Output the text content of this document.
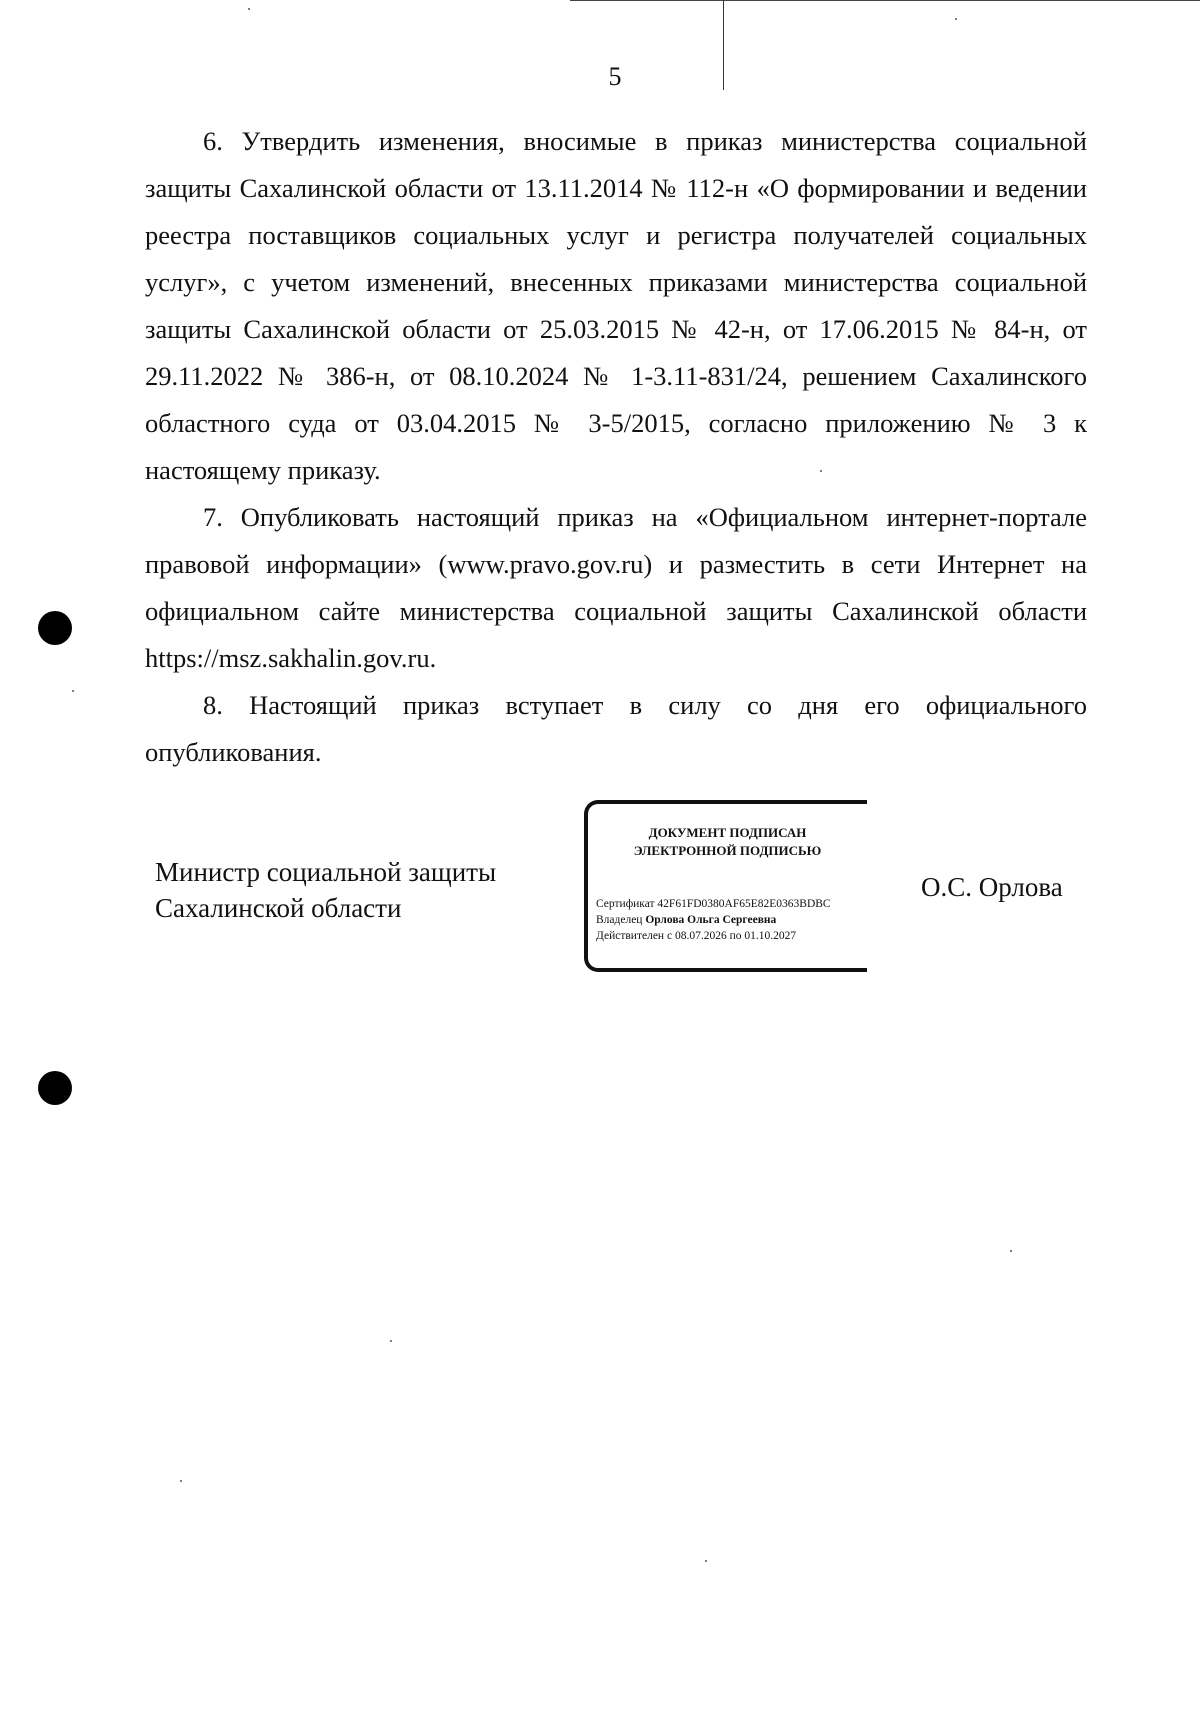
5

6. Утвердить изменения, вносимые в приказ министерства социальной защиты Сахалинской области от 13.11.2014 № 112-н «О формировании и ведении реестра поставщиков социальных услуг и регистра получателей социальных услуг», с учетом изменений, внесенных приказами министерства социальной защиты Сахалинской области от 25.03.2015 № 42-н, от 17.06.2015 № 84-н, от 29.11.2022 № 386-н, от 08.10.2024 № 1-3.11-831/24, решением Сахалинского областного суда от 03.04.2015 № 3-5/2015, согласно приложению № 3 к настоящему приказу.

7. Опубликовать настоящий приказ на «Официальном интернет-портале правовой информации» (www.pravo.gov.ru) и разместить в сети Интернет на официальном сайте министерства социальной защиты Сахалинской области https://msz.sakhalin.gov.ru.

8. Настоящий приказ вступает в силу со дня его официального опубликования.

Министр социальной защиты
Сахалинской области
ДОКУМЕНТ ПОДПИСАН
ЭЛЕКТРОННОЙ ПОДПИСЬЮ
Сертификат 42F61FD0380AF65E82E0363BDBC
Владелец Орлова Ольга Сергеевна
Действителен с 08.07.2026 по 01.10.2027
О.С. Орлова
